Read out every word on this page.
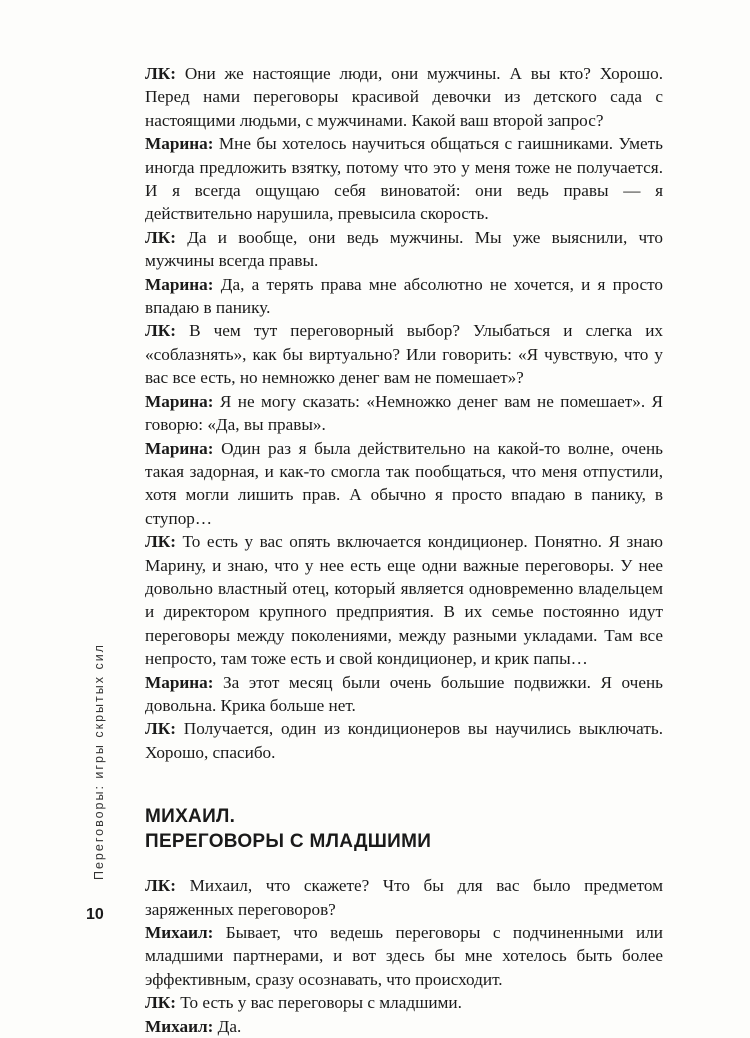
ЛК: Они же настоящие люди, они мужчины. А вы кто? Хорошо. Перед нами переговоры красивой девочки из детского сада с настоящими людьми, с мужчинами. Какой ваш второй запрос?

Марина: Мне бы хотелось научиться общаться с гаишниками. Уметь иногда предложить взятку, потому что это у меня тоже не получается. И я всегда ощущаю себя виноватой: они ведь правы — я действительно нарушила, превысила скорость.

ЛК: Да и вообще, они ведь мужчины. Мы уже выяснили, что мужчины всегда правы.

Марина: Да, а терять права мне абсолютно не хочется, и я просто впадаю в панику.

ЛК: В чем тут переговорный выбор? Улыбаться и слегка их «соблазнять», как бы виртуально? Или говорить: «Я чувствую, что у вас все есть, но немножко денег вам не помешает»?

Марина: Я не могу сказать: «Немножко денег вам не помешает». Я говорю: «Да, вы правы».

Марина: Один раз я была действительно на какой-то волне, очень такая задорная, и как-то смогла так пообщаться, что меня отпустили, хотя могли лишить прав. А обычно я просто впадаю в панику, в ступор…

ЛК: То есть у вас опять включается кондиционер. Понятно. Я знаю Марину, и знаю, что у нее есть еще одни важные переговоры. У нее довольно властный отец, который является одновременно владельцем и директором крупного предприятия. В их семье постоянно идут переговоры между поколениями, между разными укладами. Там все непросто, там тоже есть и свой кондиционер, и крик папы…

Марина: За этот месяц были очень большие подвижки. Я очень довольна. Крика больше нет.

ЛК: Получается, один из кондиционеров вы научились выключать. Хорошо, спасибо.

МИХАИЛ.
ПЕРЕГОВОРЫ С МЛАДШИМИ

ЛК: Михаил, что скажете? Что бы для вас было предметом заряженных переговоров?

Михаил: Бывает, что ведешь переговоры с подчиненными или младшими партнерами, и вот здесь бы мне хотелось быть более эффективным, сразу осознавать, что происходит.

ЛК: То есть у вас переговоры с младшими.

Михаил: Да.

Переговоры: игры скрытых сил
10
